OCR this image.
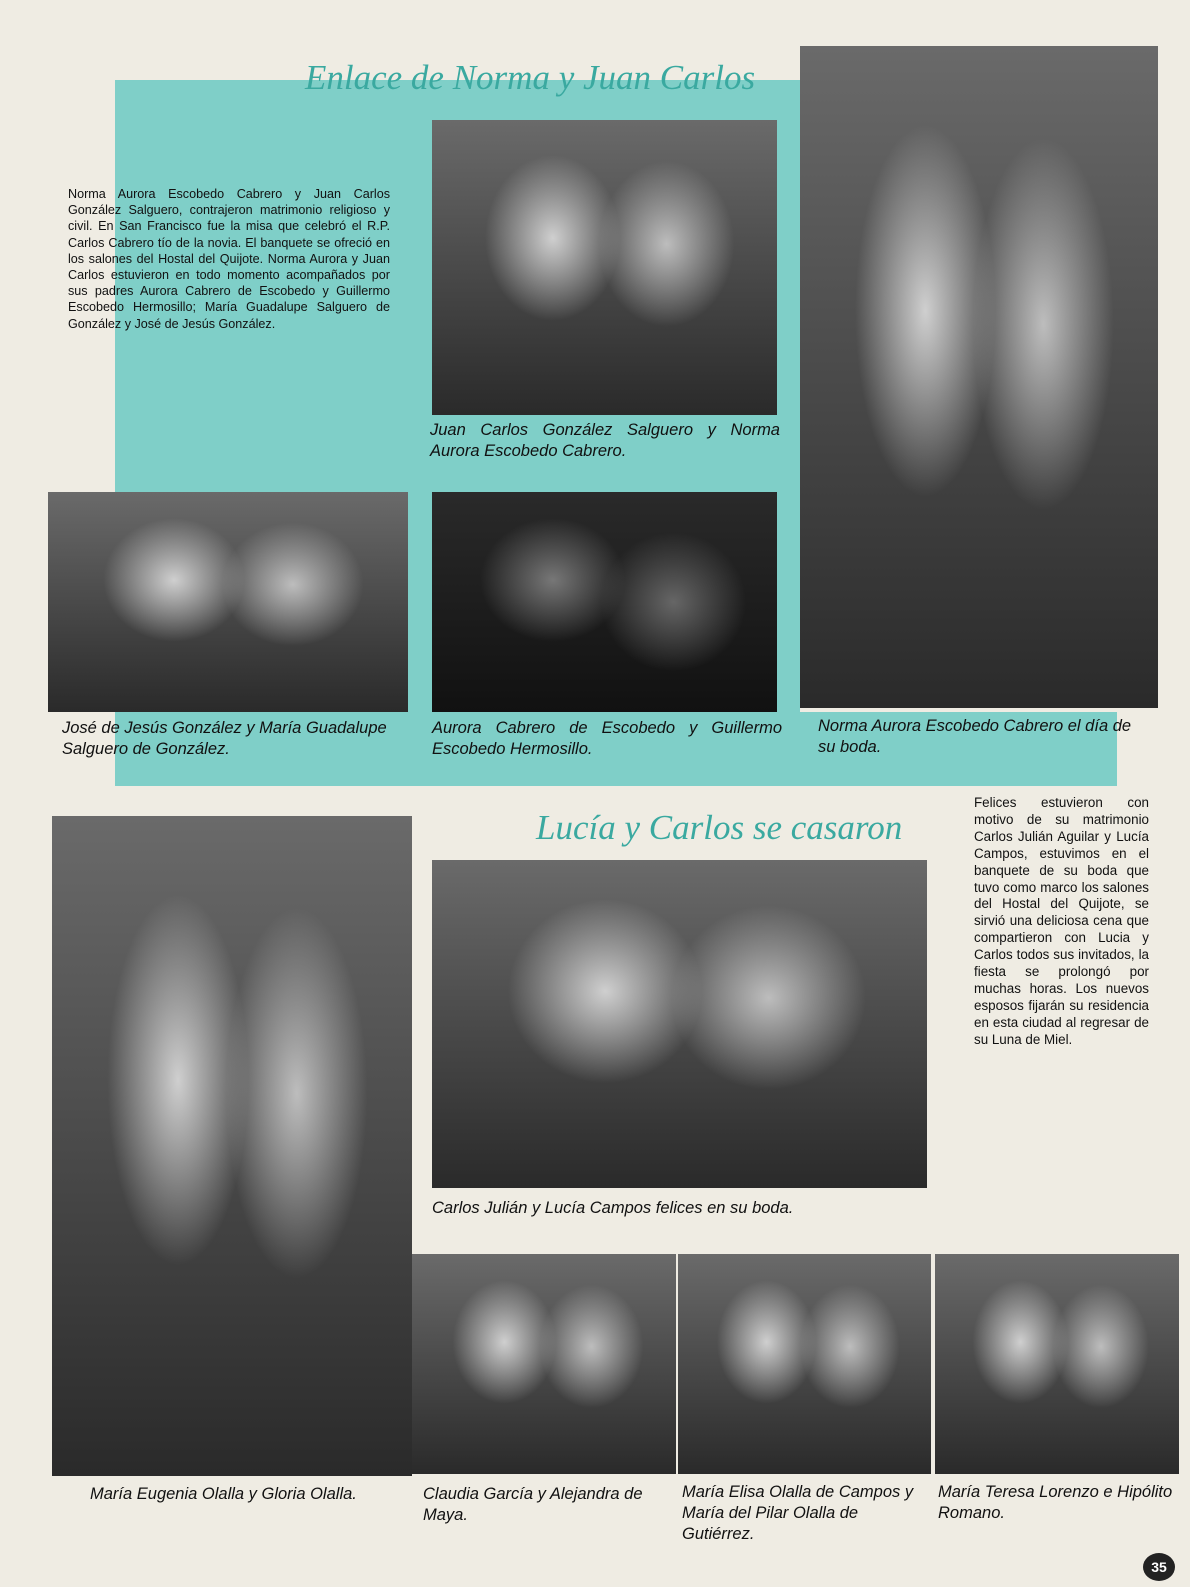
Enlace de Norma y Juan Carlos

Norma Aurora Escobedo Cabrero y Juan Carlos González Salguero, contrajeron matrimonio religioso y civil. En San Francisco fue la misa que celebró el R.P. Carlos Cabrero tío de la novia. El banquete se ofreció en los salones del Hostal del Quijote. Norma Aurora y Juan Carlos estuvieron en todo momento acompañados por sus padres Aurora Cabrero de Escobedo y Guillermo Escobedo Hermosillo; María Guadalupe Salguero de González y José de Jesús González.

Juan Carlos González Salguero y Norma Aurora Escobedo Cabrero.

José de Jesús González y María Guadalupe Salguero de González.

Aurora Cabrero de Escobedo y Guillermo Escobedo Hermosillo.

Norma Aurora Escobedo Cabrero el día de su boda.

Lucía y Carlos se casaron

Felices estuvieron con motivo de su matrimonio Carlos Julián Aguilar y Lucía Campos, estuvimos en el banquete de su boda que tuvo como marco los salones del Hostal del Quijote, se sirvió una deliciosa cena que compartieron con Lucia y Carlos todos sus invitados, la fiesta se prolongó por muchas horas. Los nuevos esposos fijarán su residencia en esta ciudad al regresar de su Luna de Miel.

Carlos Julián y Lucía Campos felices en su boda.

María Eugenia Olalla y Gloria Olalla.	Claudia García y Alejandra de Maya.

María Elisa Olalla de Campos y María del Pilar Olalla de Gutiérrez.

María Teresa Lorenzo e Hipólito Romano.

35
